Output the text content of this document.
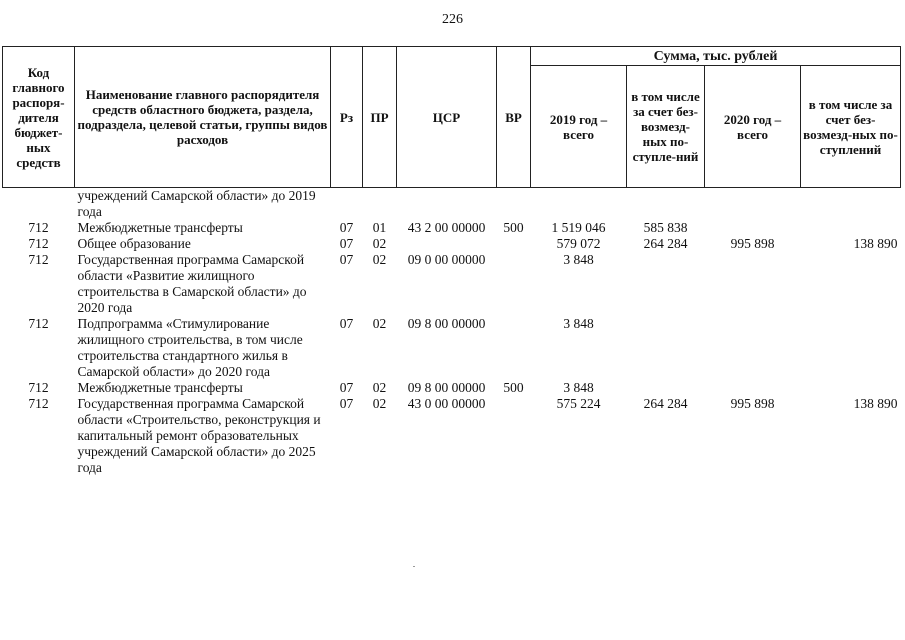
226
Код главного распоря-дителя бюджет-ных средств	Наименование главного распорядителя средств областного бюджета, раздела, подраздела, целевой статьи, группы видов расходов	Рз	ПР	ЦСР	ВР	Сумма, тыс. рублей			
						2019 год – всего	в том числе за счет без-возмезд-ных по-ступле-ний	2020 год – всего	в том числе за счет без-возмезд-ных по-ступлений
	учреждений Самарской области» до 2019 года								
712	Межбюджетные трансферты	07	01	43 2 00 00000	500	1 519 046	585 838		
712	Общее образование	07	02			579 072	264 284	995 898	138 890
712	Государственная программа Самарской области «Развитие жилищного строительства в Самарской области» до 2020 года	07	02	09 0 00 00000		3 848			
712	Подпрограмма «Стимулирование жилищного строительства, в том числе строительства стандартного жилья в Самарской области» до 2020 года	07	02	09 8 00 00000		3 848			
712	Межбюджетные трансферты	07	02	09 8 00 00000	500	3 848			
712	Государственная программа Самарской области «Строительство, реконструкция и капитальный ремонт образовательных учреждений Самарской области» до 2025 года	07	02	43 0 00 00000		575 224	264 284	995 898	138 890
